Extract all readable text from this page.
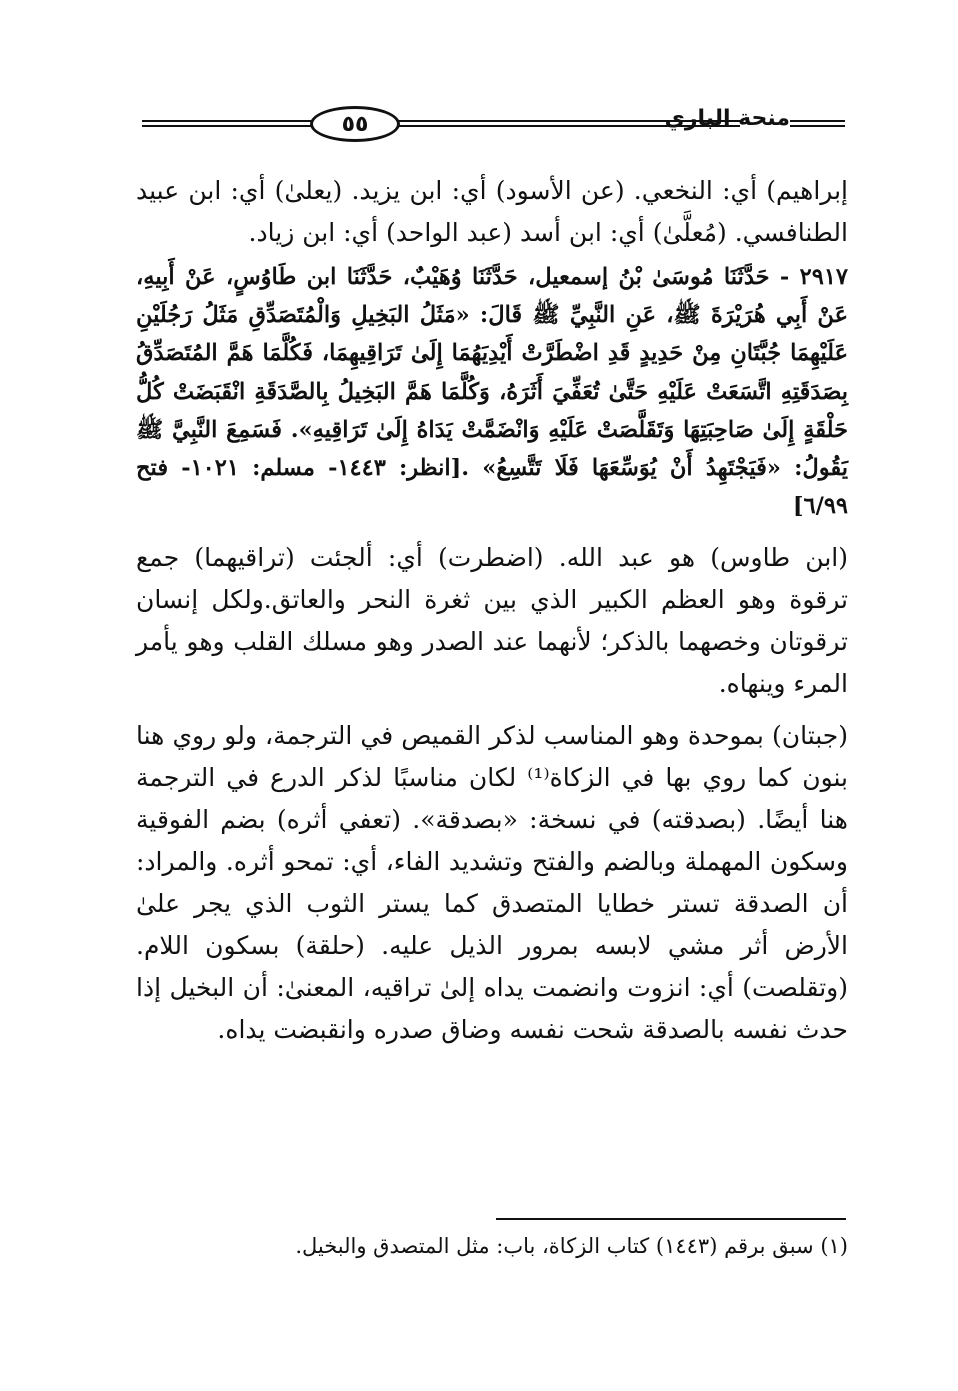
٥٥	منحة الباري

إبراهيم) أي: النخعي. (عن الأسود) أي: ابن يزيد. (يعلىٰ) أي: ابن عبيد الطنافسي. (مُعلَّىٰ) أي: ابن أسد (عبد الواحد) أي: ابن زياد.

٢٩١٧ - حَدَّثَنَا مُوسَىٰ بْنُ إسمعيل، حَدَّثَنَا وُهَيْبٌ، حَدَّثَنَا ابن طَاوُسٍ، عَنْ أَبِيهِ، عَنْ أَبِي هُرَيْرَةَ ﷺ، عَنِ النَّبِيِّ ﷺ قَالَ: «مَثَلُ البَخِيلِ وَالْمُتَصَدِّقِ مَثَلُ رَجُلَيْنِ عَلَيْهِمَا جُبَّتَانِ مِنْ حَدِيدٍ قَدِ اضْطَرَّتْ أَيْدِيَهُمَا إِلَىٰ تَرَاقِيهِمَا، فَكُلَّمَا هَمَّ المُتَصَدِّقُ بِصَدَقَتِهِ اتَّسَعَتْ عَلَيْهِ حَتَّىٰ تُعَفِّيَ أَثَرَهُ، وَكُلَّمَا هَمَّ البَخِيلُ بِالصَّدَقَةِ انْقَبَضَتْ كُلُّ حَلْقَةٍ إِلَىٰ صَاحِبَتِهَا وَتَقَلَّصَتْ عَلَيْهِ وَانْضَمَّتْ يَدَاهُ إِلَىٰ تَرَاقِيهِ». فَسَمِعَ النَّبِيَّ ﷺ يَقُولُ: «فَيَجْتَهِدُ أَنْ يُوَسِّعَهَا فَلَا تَتَّسِعُ» .[انظر: ١٤٤٣- مسلم: ١٠٢١- فتح ٦/٩٩]

(ابن طاوس) هو عبد الله. (اضطرت) أي: ألجئت (تراقيهما) جمع ترقوة وهو العظم الكبير الذي بين ثغرة النحر والعاتق.ولكل إنسان ترقوتان وخصهما بالذكر؛ لأنهما عند الصدر وهو مسلك القلب وهو يأمر المرء وينهاه.

(جبتان) بموحدة وهو المناسب لذكر القميص في الترجمة، ولو روي هنا بنون كما روي بها في الزكاة⁽¹⁾ لكان مناسبًا لذكر الدرع في الترجمة هنا أيضًا. (بصدقته) في نسخة: «بصدقة». (تعفي أثره) بضم الفوقية وسكون المهملة وبالضم والفتح وتشديد الفاء، أي: تمحو أثره. والمراد: أن الصدقة تستر خطايا المتصدق كما يستر الثوب الذي يجر علىٰ الأرض أثر مشي لابسه بمرور الذيل عليه. (حلقة) بسكون اللام. (وتقلصت) أي: انزوت وانضمت يداه إلىٰ تراقيه، المعنىٰ: أن البخيل إذا حدث نفسه بالصدقة شحت نفسه وضاق صدره وانقبضت يداه.

(١) سبق برقم (١٤٤٣) كتاب الزكاة، باب: مثل المتصدق والبخيل.
